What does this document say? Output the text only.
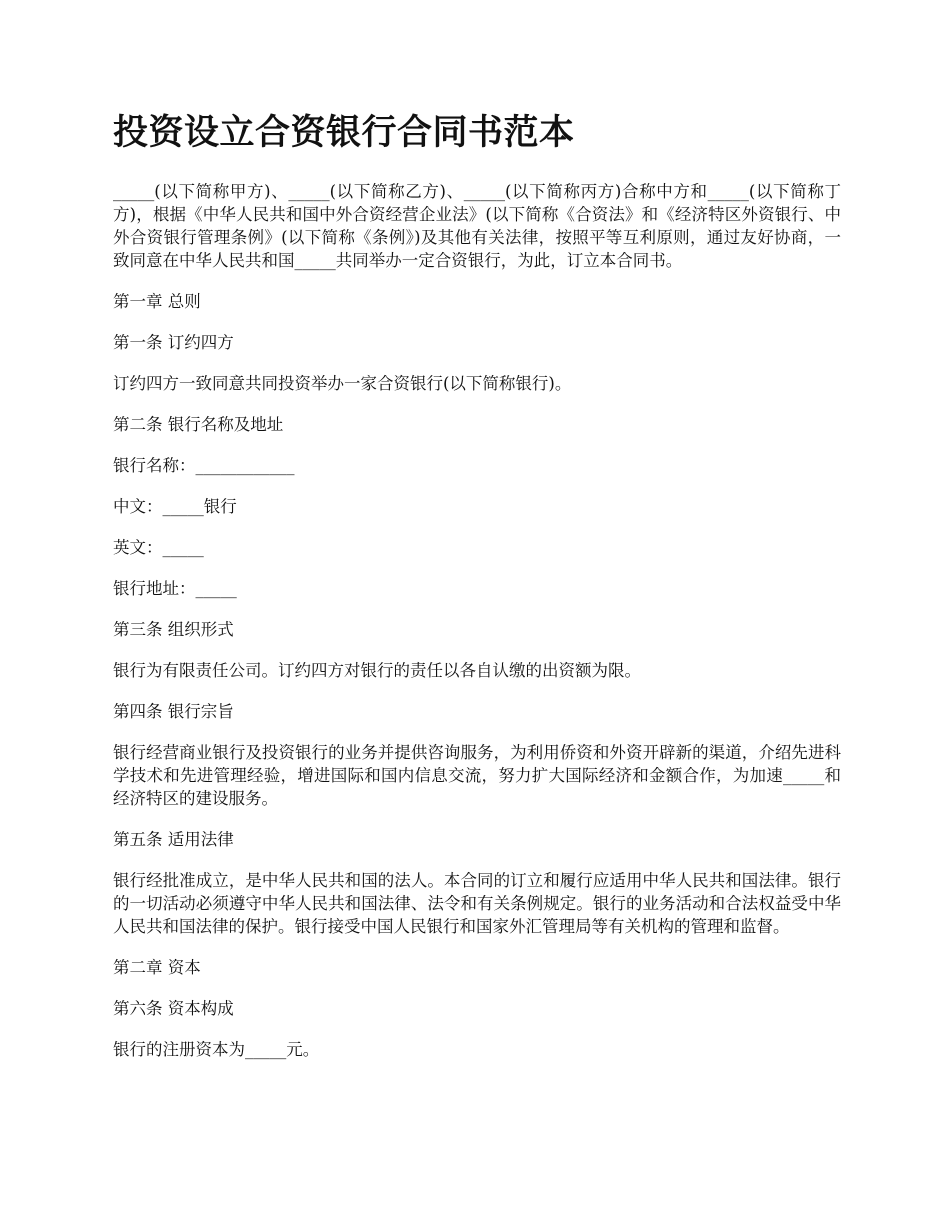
投资设立合资银行合同书范本

_____(以下简称甲方)、_____(以下简称乙方)、_____(以下简称丙方)合称中方和_____(以下简称丁方)，根据《中华人民共和国中外合资经营企业法》(以下简称《合资法》和《经济特区外资银行、中外合资银行管理条例》(以下简称《条例》)及其他有关法律，按照平等互利原则，通过友好协商，一致同意在中华人民共和国_____共同举办一定合资银行，为此，订立本合同书。

第一章 总则

第一条 订约四方

订约四方一致同意共同投资举办一家合资银行(以下简称银行)。

第二条 银行名称及地址

银行名称：____________

中文：_____银行

英文：_____

银行地址：_____

第三条 组织形式

银行为有限责任公司。订约四方对银行的责任以各自认缴的出资额为限。

第四条 银行宗旨

银行经营商业银行及投资银行的业务并提供咨询服务，为利用侨资和外资开辟新的渠道，介绍先进科学技术和先进管理经验，增进国际和国内信息交流，努力扩大国际经济和金额合作，为加速_____和经济特区的建设服务。

第五条 适用法律

银行经批准成立，是中华人民共和国的法人。本合同的订立和履行应适用中华人民共和国法律。银行的一切活动必须遵守中华人民共和国法律、法令和有关条例规定。银行的业务活动和合法权益受中华人民共和国法律的保护。银行接受中国人民银行和国家外汇管理局等有关机构的管理和监督。

第二章 资本

第六条 资本构成

银行的注册资本为_____元。
